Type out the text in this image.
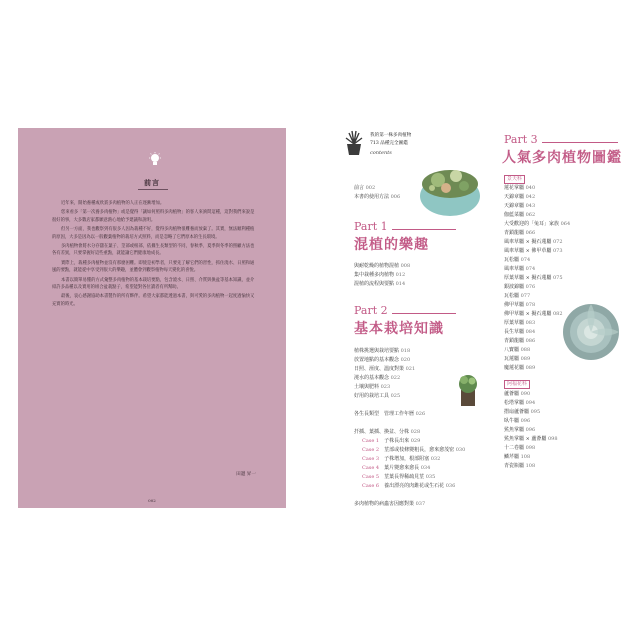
前言

近年來，開始養種或欣賞多肉植物的人正在逐漸增加。

您來看多「第一次養多肉植物」或是覺得「讓如何照料多肉植物」的客人來詢問這種，這對我們來說是很好的事，大多數店家都願意熱心地給予建議和說明。

但另一方面，我也觀察到有很多人因為栽種不好，覺得多肉植物很難養而放棄了。其實，無法順利種植的原因，大多是因為以一般觀葉植物的栽培方式照料，而是忽略了它們原本的生長環境。

多肉植物會將水分存儲在葉子、莖部或根部，依據生長類型的不同，春秋季、夏季與冬季的照顧方法也各有差異，只要掌握好這些重點，就能讓它們健康地成長。

實際上，栽種多肉植物並沒有那麼困難。即使是初學者，只要先了解它們的習性，抓住澆水、日照和通風的要點，就能從中享受到很大的樂趣，並體會到觀察植物每天變化的喜悅。

本書以簡單易懂的方式彙整多肉植物的基本栽培要點，包含澆水、日照、介質與換盆等基本知識，並介紹許多品種以及實用的組合盆栽點子，希望能對各位讀者有所幫助。

最後，衷心感謝協助本書製作的所有夥伴。希望大家都能透過本書，與可愛的多肉植物一起度過愉快又充實的時光。

田邊 昇一
002
我的第一株多肉植物
713 品種完全圖鑑
contents
前言 002
本書的使用方法 006
Part 1
混植的樂趣
與耐乾燥的植物混植 008
集中栽種多肉植物 012
混植的流程與要點 014
Part 2
基本栽培知識
植株挑選與栽培要點 018
放置地點的基本觀念 020
日照、溼度、溫度對策 021
澆水的基本觀念 022
土壤與肥料 023
好用的栽培工具 025
各生長類型　管理工作年曆 026
扦插、葉插、換盆、分株 028
Case 1　 子株長出來 029
Case 2　 莖部或枝條變粗長，愈來愈茂密 030
Case 3　 子株增加，根部阻塞 032
Case 4　 葉片變愈來愈長 034
Case 5　 莖葉長得稀疏見莖 035
Case 6　 養出漂亮的肉錐花或生石花 036
多肉植物的病蟲害因應對策 037
Part 3
人氣多肉植物圖鑑
景天科
蓮花掌屬 040
天錦章屬 042
天錦章屬 043
伽藍菜屬 062
大受歡迎的「兔耳」家族 064
青鎖龍屬 066
風車草屬 × 擬石蓮屬 072
風車草屬 × 佛甲草屬 073
瓦松屬 074
風車草屬 074
厚葉草屬 × 擬石蓮屬 075
銀波錦屬 076
瓦松屬 077
佛甲草屬 078
佛甲草屬 × 擬石蓮屬 082
厚葉草屬 083
長生草屬 084
青鎖龍屬 086
八寶屬 088
瓦蓮屬 089
魔蓮花屬 089
阿福花科
蘆薈屬 090
松塔掌屬 094
摺扇蘆薈屬 095
臥牛屬 096
鯊魚掌屬 096
鯊魚掌屬 × 蘆薈屬 098
十二卷屬 098
鱗芹屬 108
青瓷瓶屬 108
